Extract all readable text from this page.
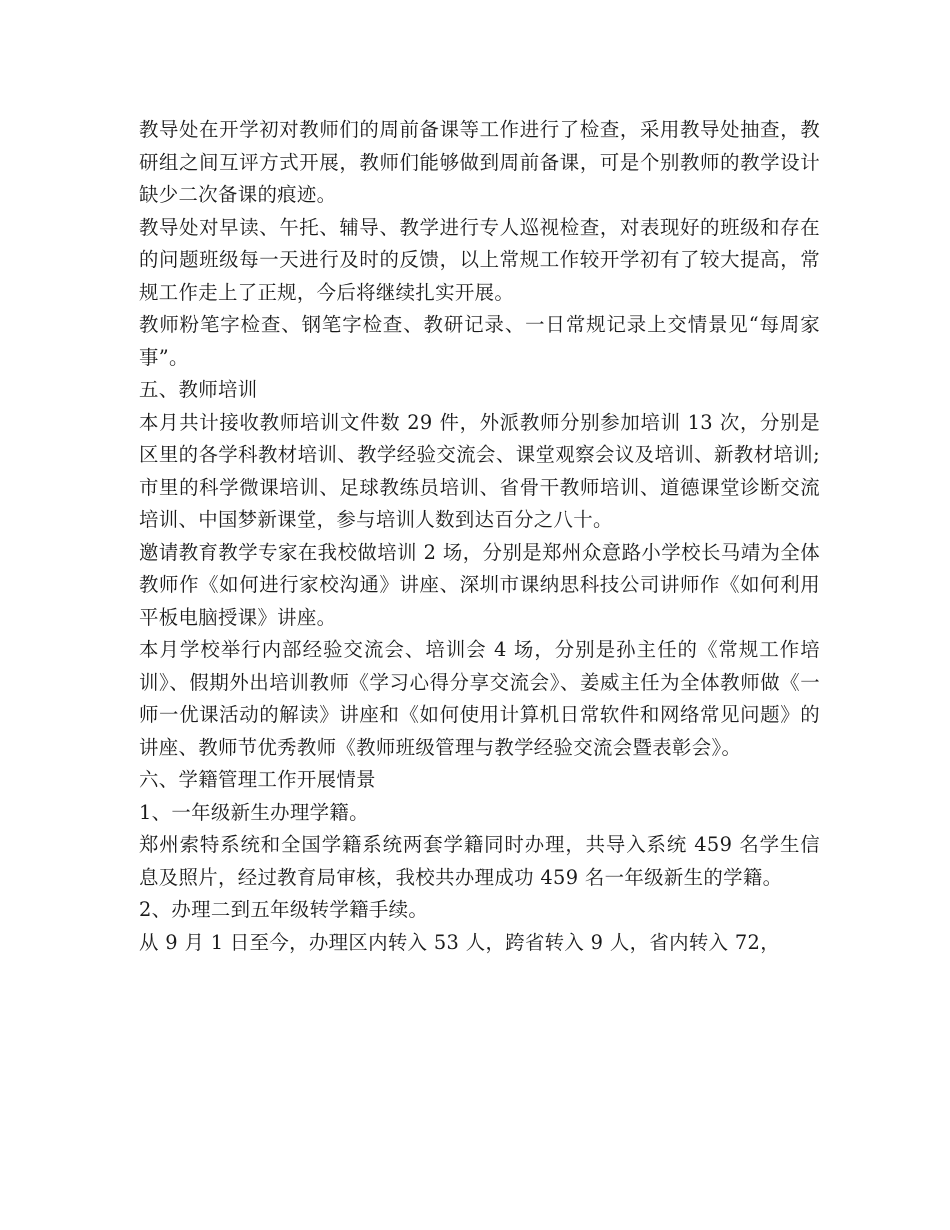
教导处在开学初对教师们的周前备课等工作进行了检查，采用教导处抽查，教研组之间互评方式开展，教师们能够做到周前备课，可是个别教师的教学设计缺少二次备课的痕迹。

教导处对早读、午托、辅导、教学进行专人巡视检查，对表现好的班级和存在的问题班级每一天进行及时的反馈，以上常规工作较开学初有了较大提高，常规工作走上了正规，今后将继续扎实开展。

教师粉笔字检查、钢笔字检查、教研记录、一日常规记录上交情景见“每周家事”。

五、教师培训

本月共计接收教师培训文件数 29 件，外派教师分别参加培训 13 次，分别是区里的各学科教材培训、教学经验交流会、课堂观察会议及培训、新教材培训;市里的科学微课培训、足球教练员培训、省骨干教师培训、道德课堂诊断交流培训、中国梦新课堂，参与培训人数到达百分之八十。

邀请教育教学专家在我校做培训 2 场，分别是郑州众意路小学校长马靖为全体教师作《如何进行家校沟通》讲座、深圳市课纳思科技公司讲师作《如何利用平板电脑授课》讲座。

本月学校举行内部经验交流会、培训会 4 场，分别是孙主任的《常规工作培训》、假期外出培训教师《学习心得分享交流会》、姜威主任为全体教师做《一师一优课活动的解读》讲座和《如何使用计算机日常软件和网络常见问题》的讲座、教师节优秀教师《教师班级管理与教学经验交流会暨表彰会》。

六、学籍管理工作开展情景

1、一年级新生办理学籍。

郑州索特系统和全国学籍系统两套学籍同时办理，共导入系统 459 名学生信息及照片，经过教育局审核，我校共办理成功 459 名一年级新生的学籍。

2、办理二到五年级转学籍手续。

从 9 月 1 日至今，办理区内转入 53 人，跨省转入 9 人，省内转入 72，
